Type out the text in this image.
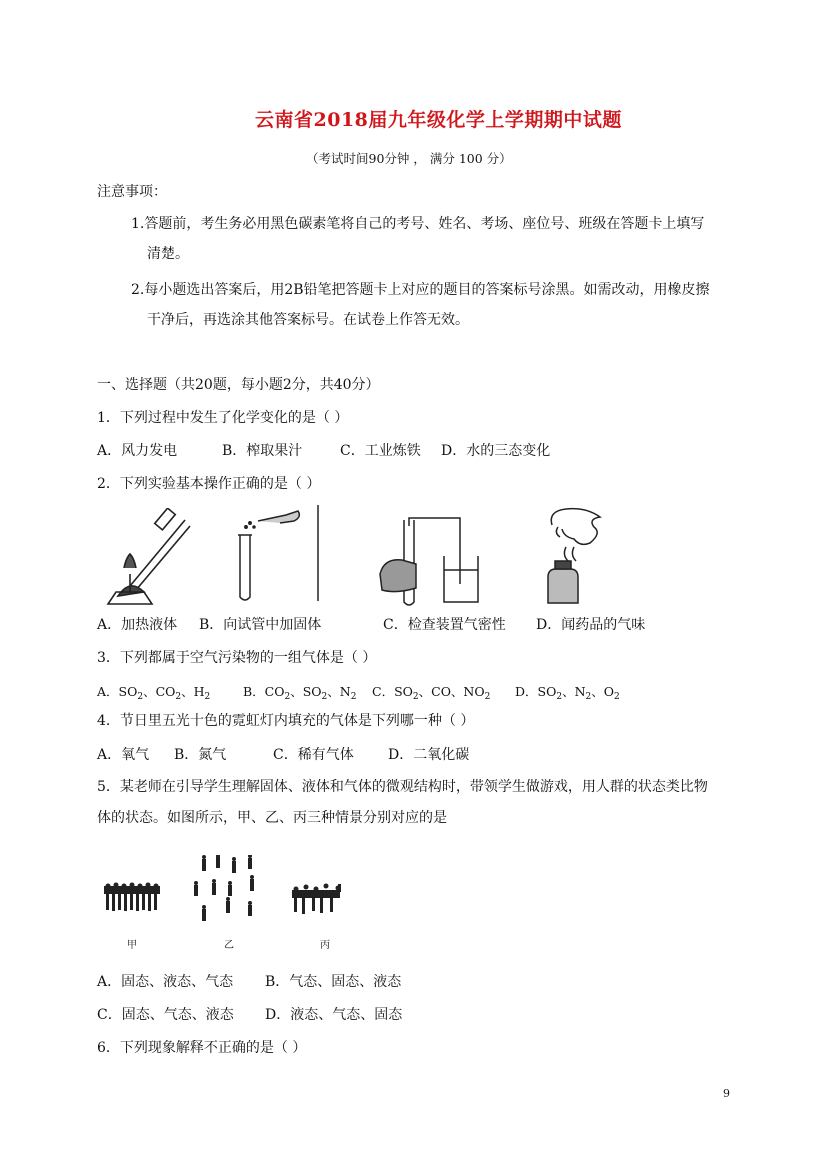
云南省2018届九年级化学上学期期中试题
（考试时间90分钟 ， 满分 100 分）
注意事项：
1.答题前，考生务必用黑色碳素笔将自己的考号、姓名、考场、座位号、班级在答题卡上填写
清楚。
2.每小题选出答案后，用2B铅笔把答题卡上对应的题目的答案标号涂黑。如需改动，用橡皮擦
干净后，再选涂其他答案标号。在试卷上作答无效。
一、选择题（共20题，每小题2分，共40分）
1．下列过程中发生了化学变化的是（ ）
A．风力发电	B．榨取果汁	C．工业炼铁 D．水的三态变化
2．下列实验基本操作正确的是（ ）
A．加热液体 B．向试管中加固体	C．检查装置气密性 D．闻药品的气味
3．下列都属于空气污染物的一组气体是（ ）
A．$SO_2$、$CO_2$、$H_2$	B．$CO_2$、$SO_2$、$N_2$ C．$SO_2$、CO、$NO_2$ D．$SO_2$、$N_2$、$O_2$
4．节日里五光十色的霓虹灯内填充的气体是下列哪一种（ ）
A．氧气 B．氮气	C．稀有气体 D．二氧化碳
5．某老师在引导学生理解固体、液体和气体的微观结构时，带领学生做游戏，用人群的状态类比物
体的状态。如图所示，甲、乙、丙三种情景分别对应的是
甲	乙	丙
A．固态、液态、气态 B．气态、固态、液态
C．固态、气态、液态 D．液态、气态、固态
6．下列现象解释不正确的是（ ）
9
